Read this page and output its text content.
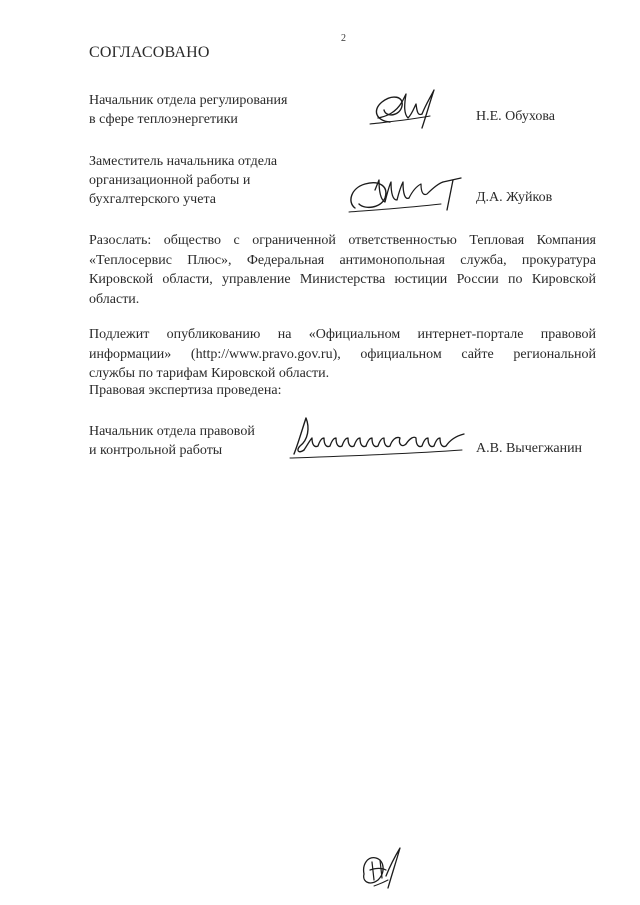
2
СОГЛАСОВАНО
Начальник отдела регулирования
в сфере теплоэнергетики	Н.Е. Обухова
Заместитель начальника отдела
организационной работы и
бухгалтерского учета	Д.А. Жуйков
Разослать: общество с ограниченной ответственностью Тепловая Компания
«Теплосервис Плюс», Федеральная антимонопольная служба, прокуратура
Кировской области, управление Министерства юстиции России по Кировской
области.
Подлежит опубликованию на «Официальном интернет-портале правовой
информации» (http://www.pravo.gov.ru), официальном сайте региональной
службы по тарифам Кировской области.
Правовая экспертиза проведена:
Начальник отдела правовой
и контрольной работы	А.В. Вычегжанин
